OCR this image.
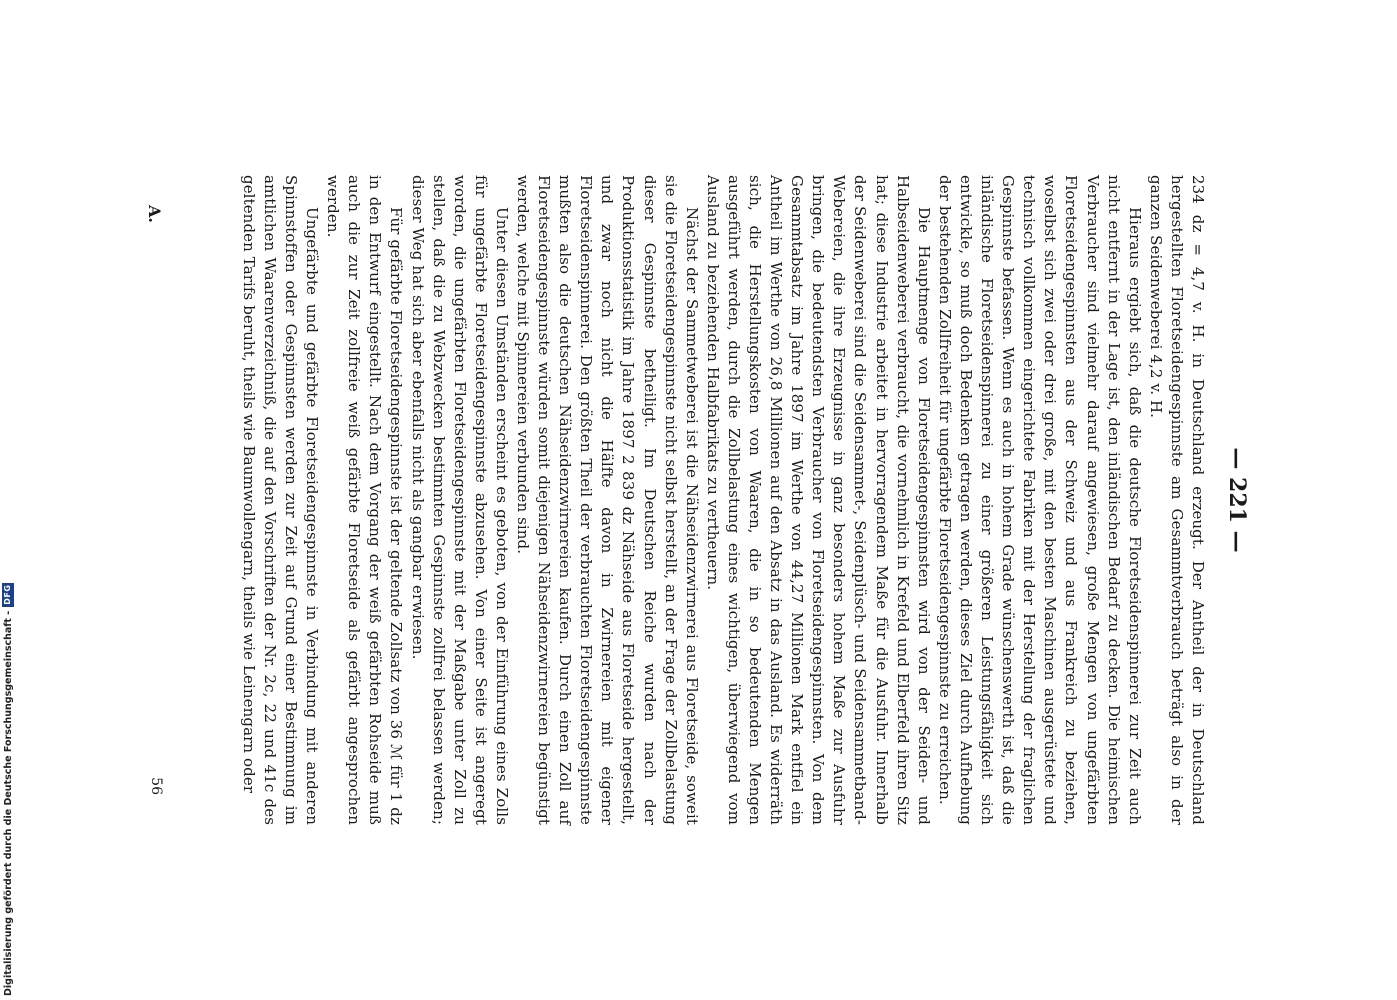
Digitalisierung gefördert durch die Deutsche Forschungsgemeinschaft -
DFG
— 221 —

234 dz = 4,7 v. H. in Deutschland erzeugt. Der Antheil der in Deutschland hergestellten Floretseidengespinnste am Gesammtverbrauch beträgt also in der ganzen Seidenweberei 4,2 v. H.

Hieraus ergiebt sich, daß die deutsche Floretseidenspinnerei zur Zeit auch nicht entfernt in der Lage ist, den inländischen Bedarf zu decken. Die heimischen Verbraucher sind vielmehr darauf angewiesen, große Mengen von ungefärbten Floretseidengespinnsten aus der Schweiz und aus Frankreich zu beziehen, woselbst sich zwei oder drei große, mit den besten Maschinen ausgerüstete und technisch vollkommen eingerichtete Fabriken mit der Herstellung der fraglichen Gespinnste befassen. Wenn es auch in hohem Grade wünschenswerth ist, daß die inländische Floretseidenspinnerei zu einer größeren Leistungsfähigkeit sich entwickle, so muß doch Bedenken getragen werden, dieses Ziel durch Aufhebung der bestehenden Zollfreiheit für ungefärbte Floretseidengespinnste zu erreichen.

Die Hauptmenge von Floretseidengespinnsten wird von der Seiden- und Halbseidenweberei verbraucht, die vornehmlich in Krefeld und Elberfeld ihren Sitz hat; diese Industrie arbeitet in hervorragendem Maße für die Ausfuhr. Innerhalb der Seidenweberei sind die Seidensammet-, Seidenplüsch- und Seidensammetband-Webereien, die ihre Erzeugnisse in ganz besonders hohem Maße zur Ausfuhr bringen, die bedeutendsten Verbraucher von Floretseidengespinnsten. Von dem Gesammtabsatz im Jahre 1897 im Werthe von 44,27 Millionen Mark entfiel ein Antheil im Werthe von 26,8 Millionen auf den Absatz in das Ausland. Es widerräth sich, die Herstellungskosten von Waaren, die in so bedeutenden Mengen ausgeführt werden, durch die Zollbelastung eines wichtigen, überwiegend vom Ausland zu beziehenden Halbfabrikats zu vertheuern.

Nächst der Sammetweberei ist die Nähseidenzwirnerei aus Floretseide, soweit sie die Floretseidengespinnste nicht selbst herstellt, an der Frage der Zollbelastung dieser Gespinnste betheiligt. Im Deutschen Reiche wurden nach der Produktionsstatistik im Jahre 1897 2 839 dz Nähseide aus Floretseide hergestellt, und zwar noch nicht die Hälfte davon in Zwirnereien mit eigener Floretseidenspinnerei. Den größten Theil der verbrauchten Floretseidengespinnste mußten also die deutschen Nähseidenzwirnereien kaufen. Durch einen Zoll auf Floretseidengespinnste würden somit diejenigen Nähseidenzwirnereien begünstigt werden, welche mit Spinnereien verbunden sind.

Unter diesen Umständen erscheint es geboten, von der Einführung eines Zolls für ungefärbte Floretseidengespinnste abzusehen. Von einer Seite ist angeregt worden, die ungefärbten Floretseidengespinnste mit der Maßgabe unter Zoll zu stellen, daß die zu Webzwecken bestimmten Gespinnste zollfrei belassen werden; dieser Weg hat sich aber ebenfalls nicht als gangbar erwiesen.

Für gefärbte Floretseidengespinnste ist der geltende Zollsatz von 36 ℳ für 1 dz in den Entwurf eingestellt. Nach dem Vorgang der weiß gefärbten Rohseide muß auch die zur Zeit zollfreie weiß gefärbte Floretseide als gefärbt angesprochen werden.

Ungefärbte und gefärbte Floretseidengespinnste in Verbindung mit anderen Spinnstoffen oder Gespinnsten werden zur Zeit auf Grund einer Bestimmung im amtlichen Waarenverzeichniß, die auf den Vorschriften der Nr. 2c, 22 und 41c des geltenden Tarifs beruht, theils wie Baumwollengarn, theils wie Leinengarn oder

A.
56
